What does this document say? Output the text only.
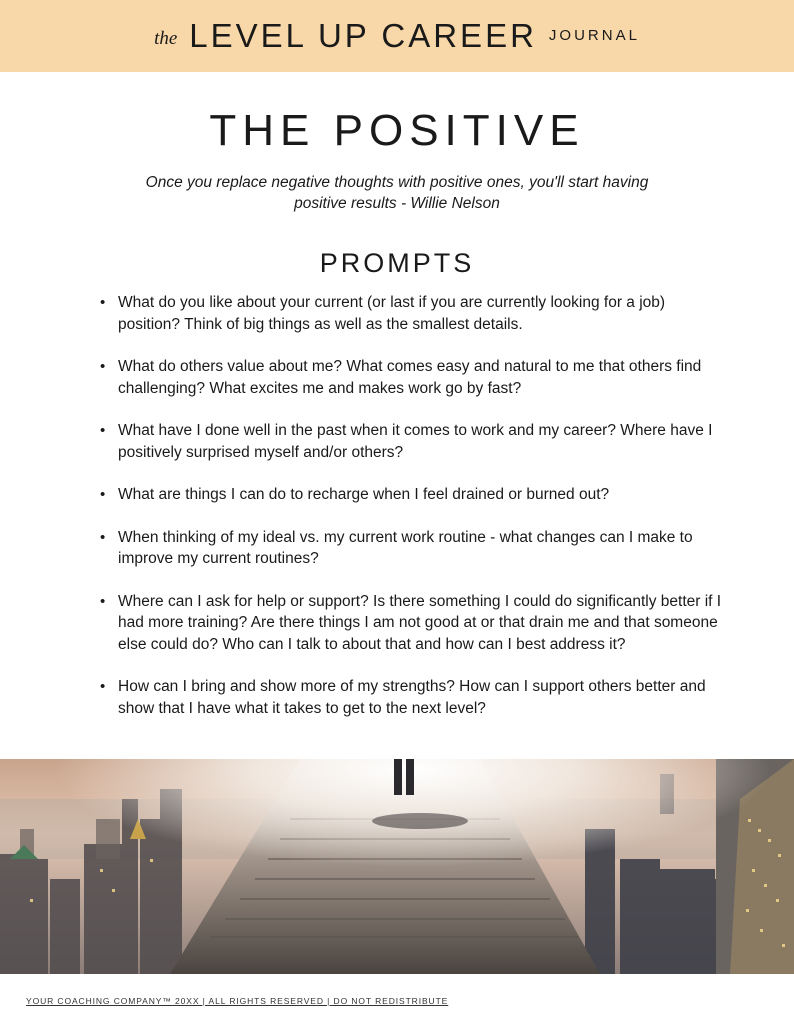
the LEVEL UP CAREER JOURNAL
THE POSITIVE

Once you replace negative thoughts with positive ones, you'll start having positive results - Willie Nelson

PROMPTS
• What do you like about your current (or last if you are currently looking for a job) position? Think of big things as well as the smallest details.
• What do others value about me? What comes easy and natural to me that others find challenging? What excites me and makes work go by fast?
• What have I done well in the past when it comes to work and my career? Where have I positively surprised myself and/or others?
• What are things I can do to recharge when I feel drained or burned out?
• When thinking of my ideal vs. my current work routine - what changes can I make to improve my current routines?
• Where can I ask for help or support? Is there something I could do significantly better if I had more training? Are there things I am not good at or that drain me and that someone else could do? Who can I talk to about that and how can I best address it?
• How can I bring and show more of my strengths? How can I support others better and show that I have what it takes to get to the next level?
YOUR COACHING COMPANY™ 20XX | ALL RIGHTS RESERVED | DO NOT REDISTRIBUTE
